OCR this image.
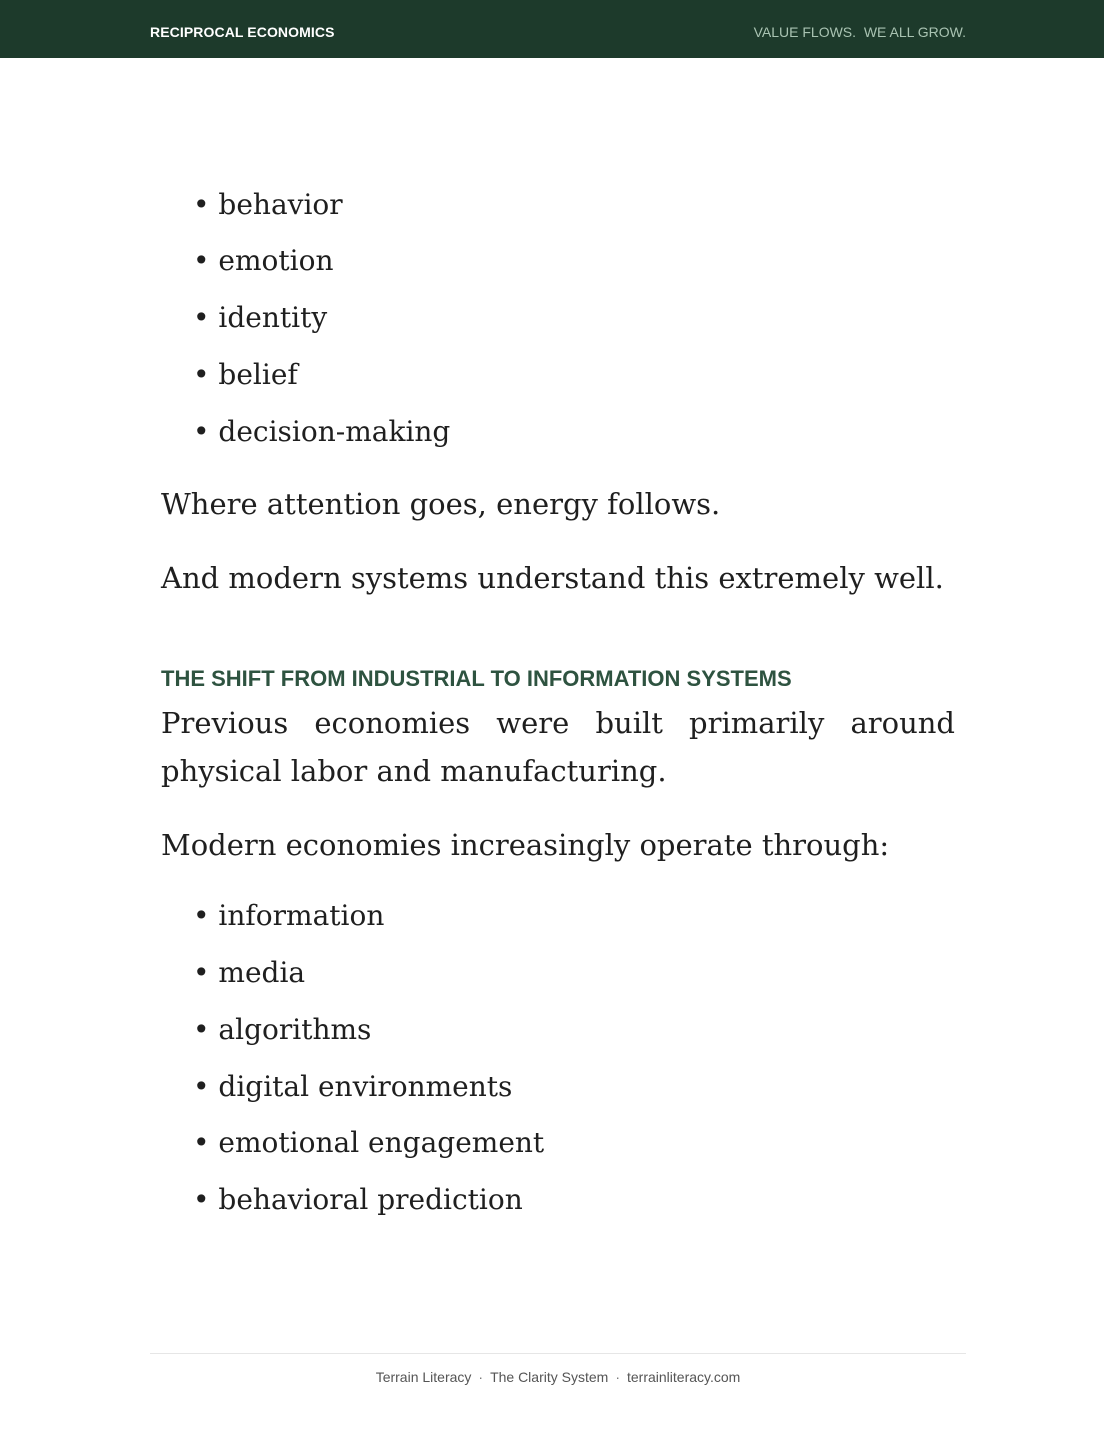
RECIPROCAL ECONOMICS	VALUE FLOWS.  WE ALL GROW.
• behavior
• emotion
• identity
• belief
• decision-making
Where attention goes, energy follows.
And modern systems understand this extremely well.
THE SHIFT FROM INDUSTRIAL TO INFORMATION SYSTEMS
Previous economies were built primarily around physical labor and manufacturing.
Modern economies increasingly operate through:
• information
• media
• algorithms
• digital environments
• emotional engagement
• behavioral prediction
Terrain Literacy · The Clarity System · terrainliteracy.com
